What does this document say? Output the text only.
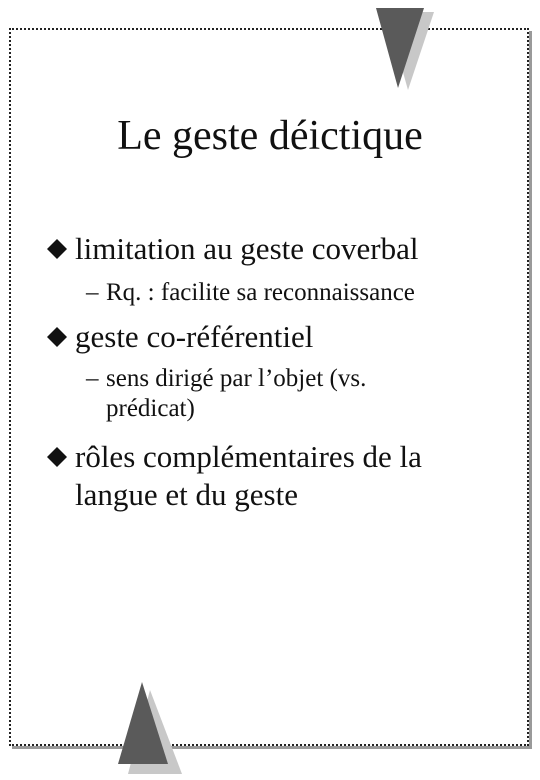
Le geste déictique
limitation au geste coverbal
– Rq. : facilite sa reconnaissance
geste co-référentiel
– sens dirigé par l’objet (vs. prédicat)
rôles complémentaires de la langue et du geste
